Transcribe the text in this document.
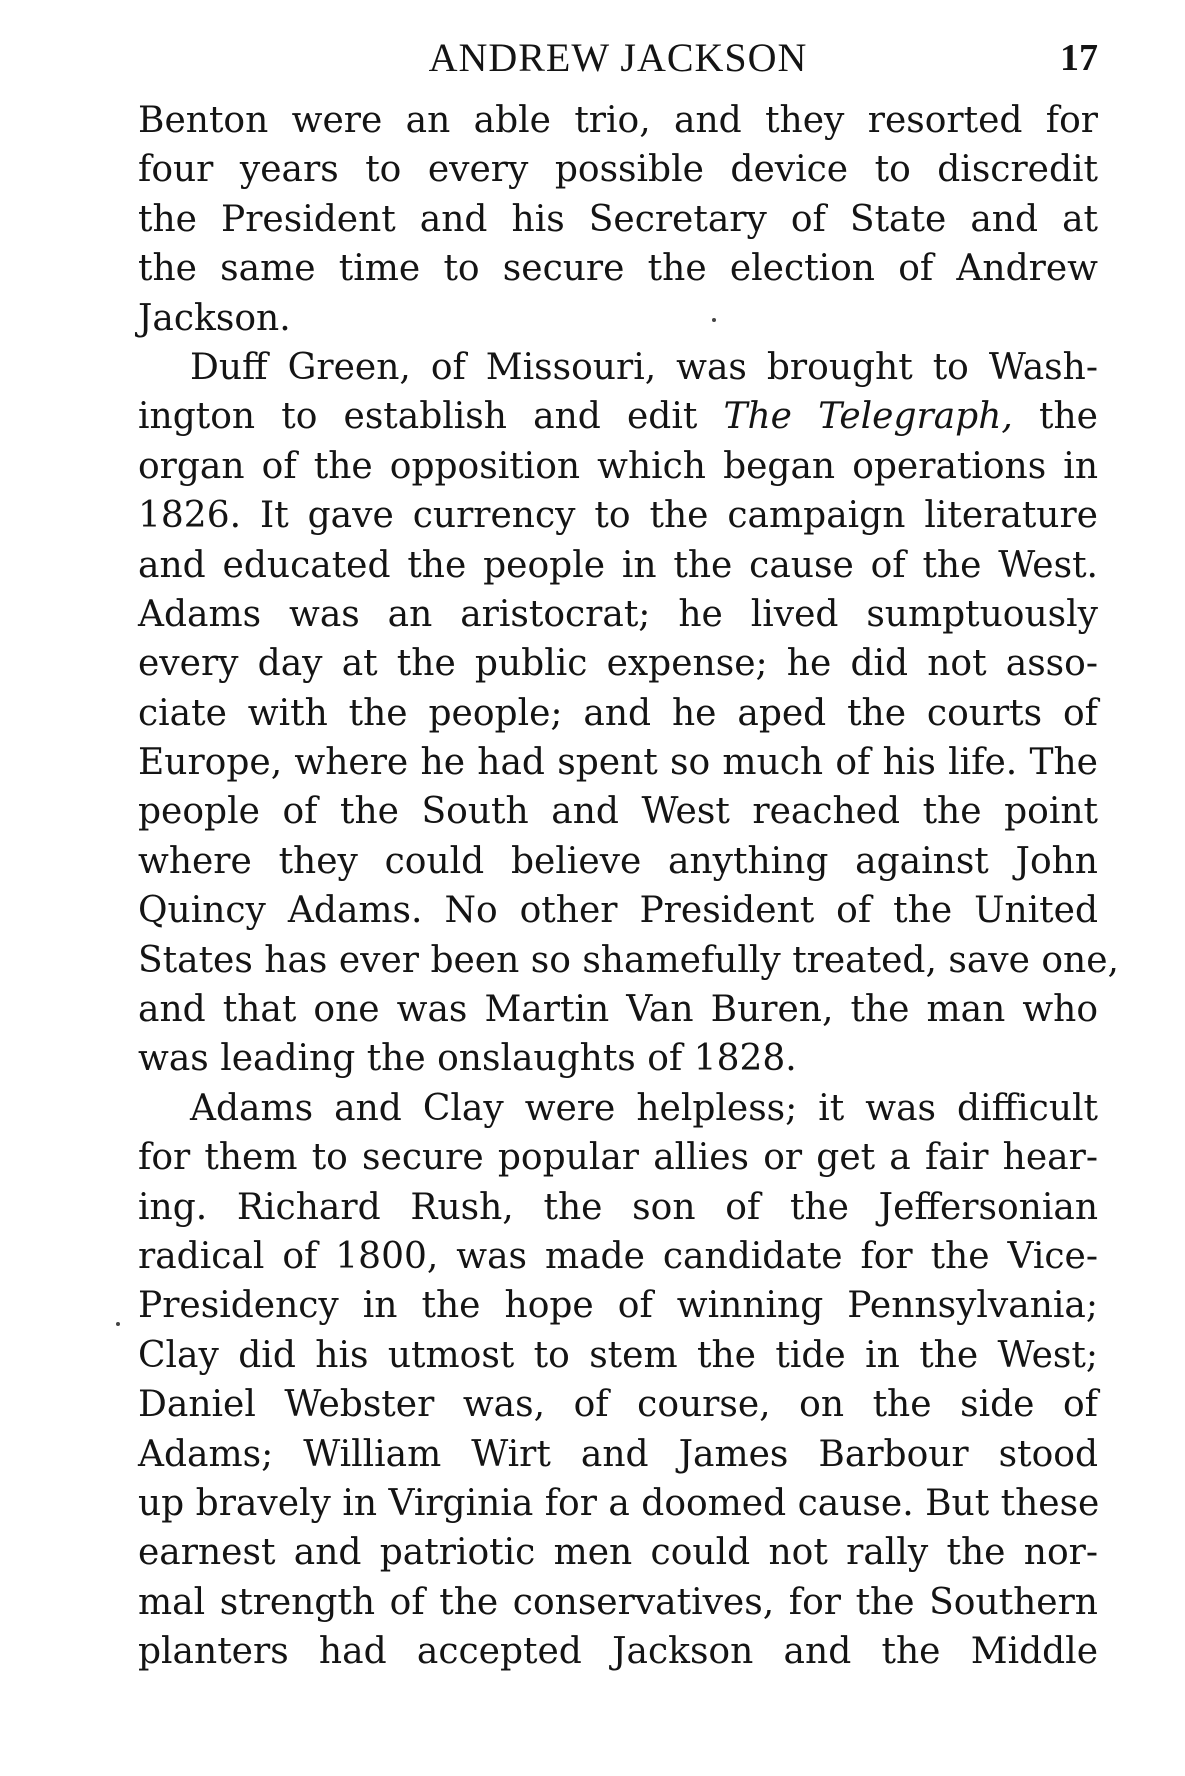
ANDREW JACKSON	17
Benton were an able trio, and they resorted for
four years to every possible device to discredit
the President and his Secretary of State and at
the same time to secure the election of Andrew
Jackson.
Duff Green, of Missouri, was brought to Wash-
ington to establish and edit The Telegraph, the
organ of the opposition which began operations in
1826. It gave currency to the campaign literature
and educated the people in the cause of the West.
Adams was an aristocrat; he lived sumptuously
every day at the public expense; he did not asso-
ciate with the people; and he aped the courts of
Europe, where he had spent so much of his life. The
people of the South and West reached the point
where they could believe anything against John
Quincy Adams. No other President of the United
States has ever been so shamefully treated, save one,
and that one was Martin Van Buren, the man who
was leading the onslaughts of 1828.
Adams and Clay were helpless; it was difficult
for them to secure popular allies or get a fair hear-
ing. Richard Rush, the son of the Jeffersonian
radical of 1800, was made candidate for the Vice-
Presidency in the hope of winning Pennsylvania;
Clay did his utmost to stem the tide in the West;
Daniel Webster was, of course, on the side of
Adams; William Wirt and James Barbour stood
up bravely in Virginia for a doomed cause. But these
earnest and patriotic men could not rally the nor-
mal strength of the conservatives, for the Southern
planters had accepted Jackson and the Middle
